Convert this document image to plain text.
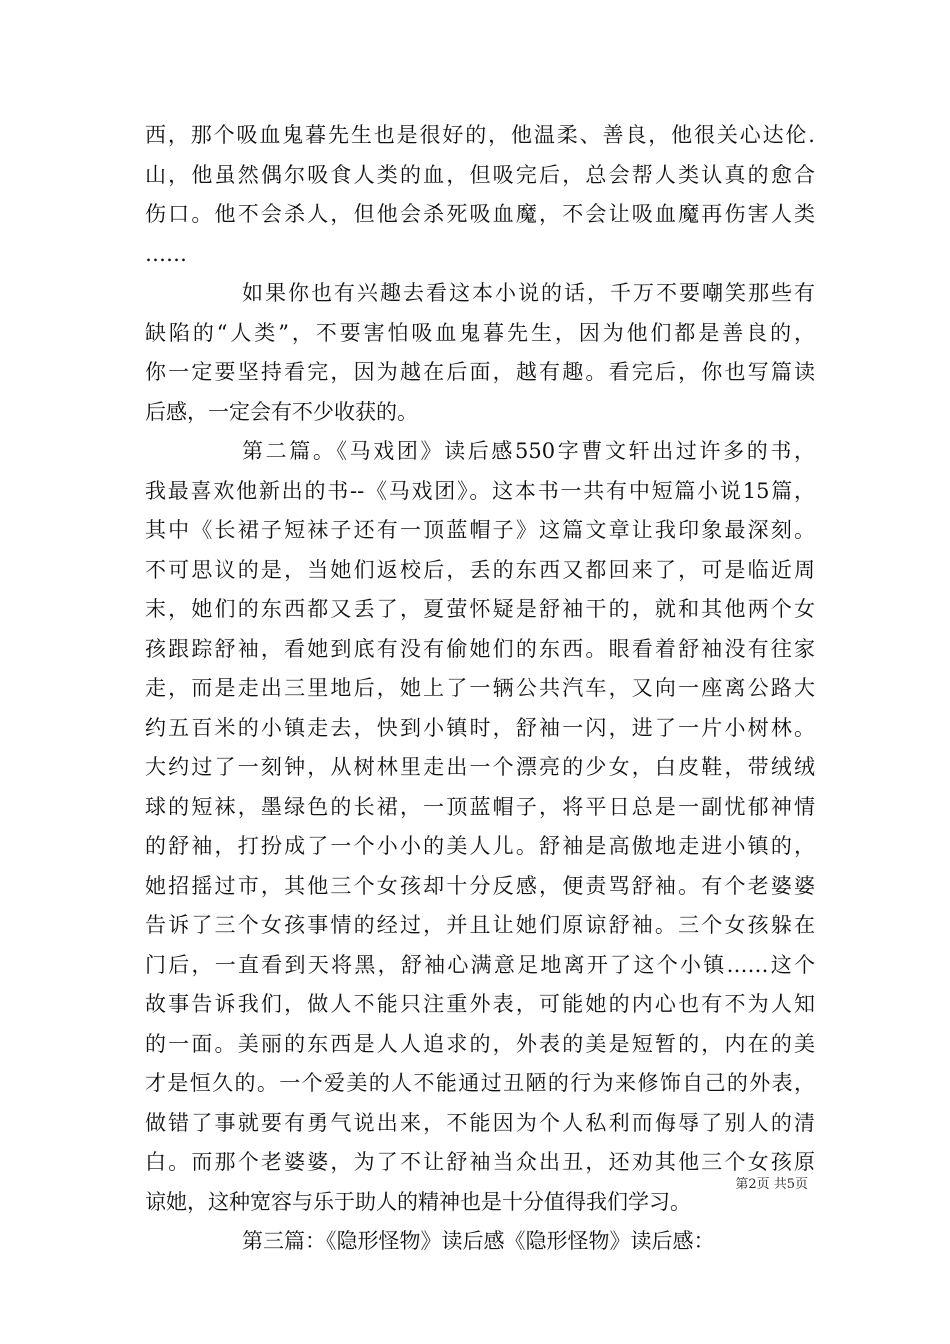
西，那个吸血鬼暮先生也是很好的，他温柔、善良，他很关心达伦.
山，他虽然偶尔吸食人类的血，但吸完后，总会帮人类认真的愈合
伤口。他不会杀人，但他会杀死吸血魔，不会让吸血魔再伤害人类
……
如果你也有兴趣去看这本小说的话，千万不要嘲笑那些有
缺陷的“人类”，不要害怕吸血鬼暮先生，因为他们都是善良的，
你一定要坚持看完，因为越在后面，越有趣。看完后，你也写篇读
后感，一定会有不少收获的。
第二篇。《马戏团》读后感550字曹文轩出过许多的书，
我最喜欢他新出的书--《马戏团》。这本书一共有中短篇小说15篇，
其中《长裙子短袜子还有一顶蓝帽子》这篇文章让我印象最深刻。
不可思议的是，当她们返校后，丢的东西又都回来了，可是临近周
末，她们的东西都又丢了，夏萤怀疑是舒袖干的，就和其他两个女
孩跟踪舒袖，看她到底有没有偷她们的东西。眼看着舒袖没有往家
走，而是走出三里地后，她上了一辆公共汽车，又向一座离公路大
约五百米的小镇走去，快到小镇时，舒袖一闪，进了一片小树林。
大约过了一刻钟，从树林里走出一个漂亮的少女，白皮鞋，带绒绒
球的短袜，墨绿色的长裙，一顶蓝帽子，将平日总是一副忧郁神情
的舒袖，打扮成了一个小小的美人儿。舒袖是高傲地走进小镇的，
她招摇过市，其他三个女孩却十分反感，便责骂舒袖。有个老婆婆
告诉了三个女孩事情的经过，并且让她们原谅舒袖。三个女孩躲在
门后，一直看到天将黑，舒袖心满意足地离开了这个小镇……这个
故事告诉我们，做人不能只注重外表，可能她的内心也有不为人知
的一面。美丽的东西是人人追求的，外表的美是短暂的，内在的美
才是恒久的。一个爱美的人不能通过丑陋的行为来修饰自己的外表，
做错了事就要有勇气说出来，不能因为个人私利而侮辱了别人的清
白。而那个老婆婆，为了不让舒袖当众出丑，还劝其他三个女孩原
谅她，这种宽容与乐于助人的精神也是十分值得我们学习。
第三篇：《隐形怪物》读后感《隐形怪物》读后感：
第2页 共5页
